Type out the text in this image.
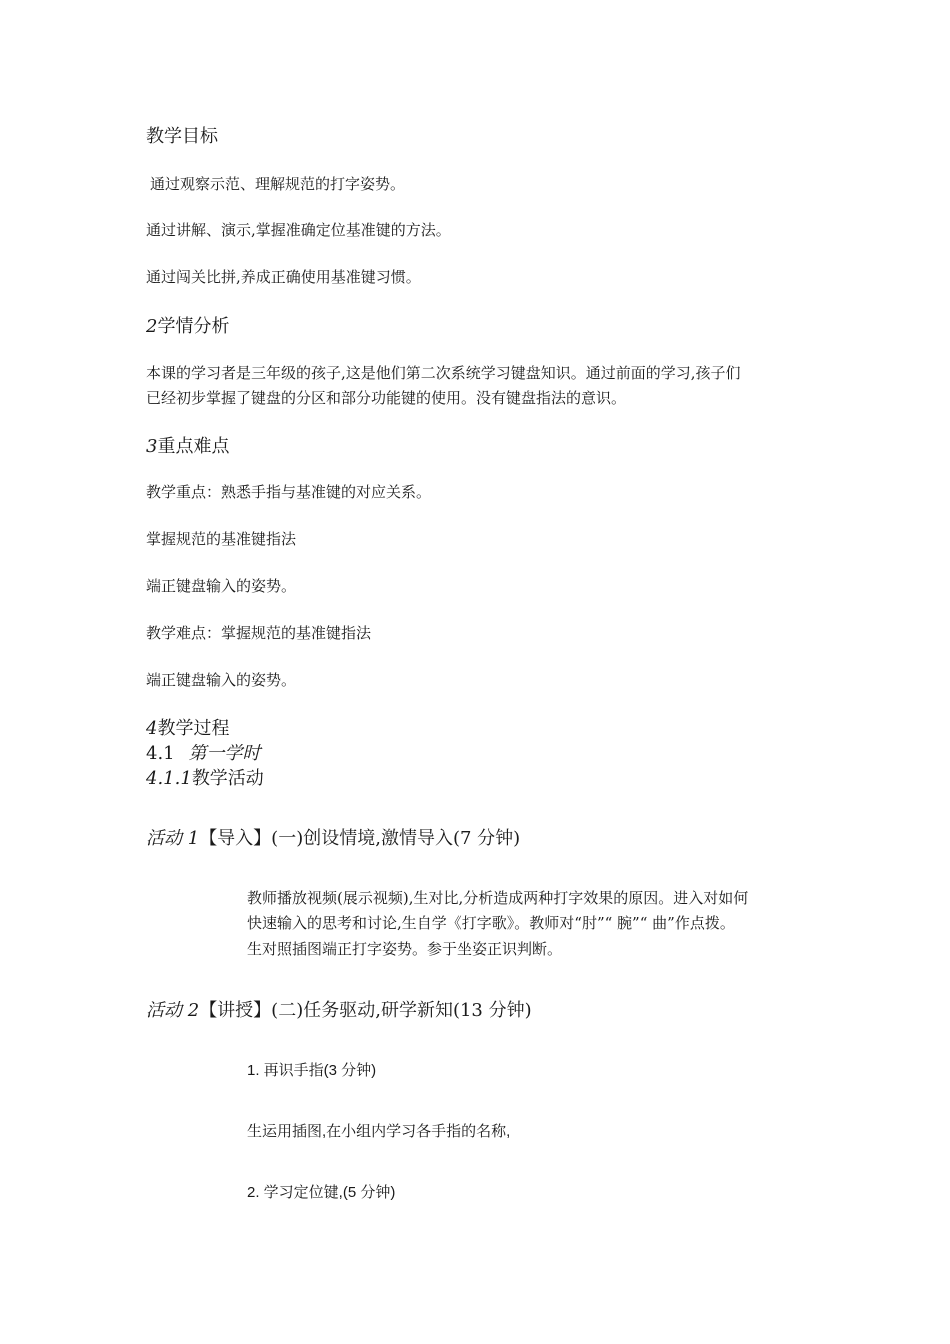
教学目标
通过观察示范、理解规范的打字姿势。
通过讲解、演示,掌握准确定位基准键的方法。
通过闯关比拼,养成正确使用基准键习惯。
2学情分析
本课的学习者是三年级的孩子,这是他们第二次系统学习键盘知识。通过前面的学习,孩子们
已经初步掌握了键盘的分区和部分功能键的使用。没有键盘指法的意识。
3重点难点
教学重点：熟悉手指与基准键的对应关系。
掌握规范的基准键指法
端正键盘输入的姿势。
教学难点：掌握规范的基准键指法
端正键盘输入的姿势。
4教学过程
4.1 第一学时
4.1.1教学活动
活动 1【导入】(一)创设情境,激情导入(7 分钟)
教师播放视频(展示视频),生对比,分析造成两种打字效果的原因。进入对如何
快速输入的思考和讨论,生自学《打字歌》。教师对“肘”“ 腕”“ 曲”作点拨。
生对照插图端正打字姿势。参于坐姿正识判断。
活动 2【讲授】(二)任务驱动,研学新知(13 分钟)
1. 再识手指(3 分钟)
生运用插图,在小组内学习各手指的名称,
2. 学习定位键,(5 分钟)
